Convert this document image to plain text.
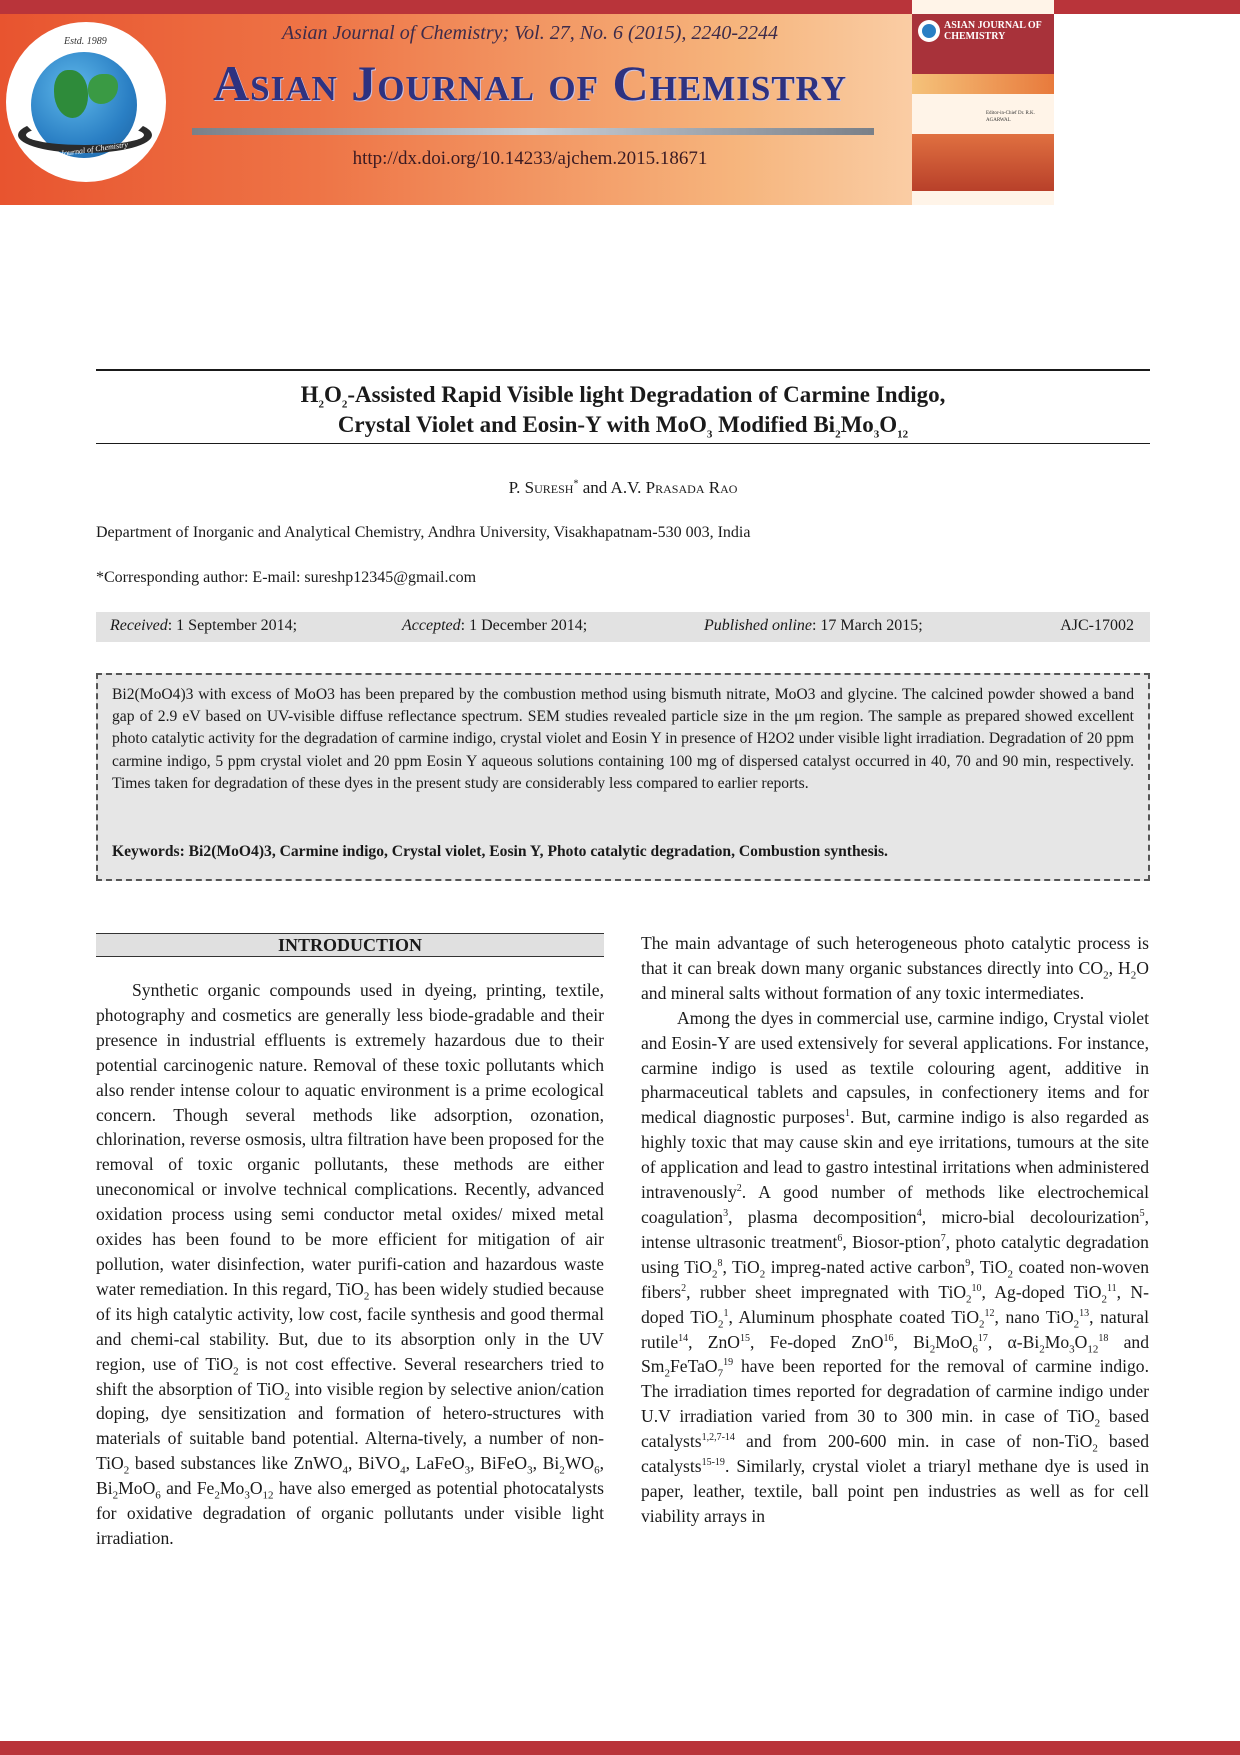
Estd. 1989
Asian Journal of Chemistry
Asian Journal of Chemistry; Vol. 27, No. 6 (2015), 2240-2244
Asian Journal of Chemistry
http://dx.doi.org/10.14233/ajchem.2015.18671
ASIAN JOURNAL OF CHEMISTRY
Editor-in-Chief Dr. R.K. AGARWAL
$H_2O_2$-Assisted Rapid Visible light Degradation of Carmine Indigo,
Crystal Violet and Eosin-Y with MoO$_3$ Modified $Bi_2Mo_3O_{12}$
P. Suresh* and A.V. Prasada Rao
Department of Inorganic and Analytical Chemistry, Andhra University, Visakhapatnam-530 003, India
*Corresponding author: E-mail: sureshp12345@gmail.com
Received: 1 September 2014;	Accepted: 1 December 2014;	Published online: 17 March 2015;	AJC-17002
Bi2(MoO4)3 with excess of MoO3 has been prepared by the combustion method using bismuth nitrate, MoO3 and glycine. The calcined powder showed a band gap of 2.9 eV based on UV-visible diffuse reflectance spectrum. SEM studies revealed particle size in the μm region. The sample as prepared showed excellent photo catalytic activity for the degradation of carmine indigo, crystal violet and Eosin Y in presence of H2O2 under visible light irradiation. Degradation of 20 ppm carmine indigo, 5 ppm crystal violet and 20 ppm Eosin Y aqueous solutions containing 100 mg of dispersed catalyst occurred in 40, 70 and 90 min, respectively. Times taken for degradation of these dyes in the present study are considerably less compared to earlier reports.
Keywords: Bi2(MoO4)3, Carmine indigo, Crystal violet, Eosin Y, Photo catalytic degradation, Combustion synthesis.
INTRODUCTION

Synthetic organic compounds used in dyeing, printing, textile, photography and cosmetics are generally less biode-gradable and their presence in industrial effluents is extremely hazardous due to their potential carcinogenic nature. Removal of these toxic pollutants which also render intense colour to aquatic environment is a prime ecological concern. Though several methods like adsorption, ozonation, chlorination, reverse osmosis, ultra filtration have been proposed for the removal of toxic organic pollutants, these methods are either uneconomical or involve technical complications. Recently, advanced oxidation process using semi conductor metal oxides/ mixed metal oxides has been found to be more efficient for mitigation of air pollution, water disinfection, water purifi-cation and hazardous waste water remediation. In this regard, TiO$_2$ has been widely studied because of its high catalytic activity, low cost, facile synthesis and good thermal and chemi-cal stability. But, due to its absorption only in the UV region, use of TiO$_2$ is not cost effective. Several researchers tried to shift the absorption of TiO$_2$ into visible region by selective anion/cation doping, dye sensitization and formation of hetero-structures with materials of suitable band potential. Alterna-tively, a number of non-TiO$_2$ based substances like ZnWO$_4$, BiVO$_4$, LaFeO$_3$, BiFeO$_3$, $Bi_2WO_6$, $Bi_2MoO_6$ and $Fe_2Mo_3O_{12}$ have also emerged as potential photocatalysts for oxidative degradation of organic pollutants under visible light irradiation.

The main advantage of such heterogeneous photo catalytic process is that it can break down many organic substances directly into $CO_2$, $H_2O$ and mineral salts without formation of any toxic intermediates.

Among the dyes in commercial use, carmine indigo, Crystal violet and Eosin-Y are used extensively for several applications. For instance, carmine indigo is used as textile colouring agent, additive in pharmaceutical tablets and capsules, in confectionery items and for medical diagnostic purposes$^1$. But, carmine indigo is also regarded as highly toxic that may cause skin and eye irritations, tumours at the site of application and lead to gastro intestinal irritations when administered intravenously$^2$. A good number of methods like electrochemical coagulation$^3$, plasma decomposition$^4$, micro-bial decolourization$^5$, intense ultrasonic treatment$^6$, Biosor-ption$^7$, photo catalytic degradation using TiO$_2^8$, TiO$_2$ impreg-nated active carbon$^9$, TiO$_2$ coated non-woven fibers$^2$, rubber sheet impregnated with TiO$_2^{10}$, Ag-doped TiO$_2^{11}$, N-doped TiO$_2^1$, Aluminum phosphate coated TiO$_2^{12}$, nano TiO$_2^{13}$, natural rutile$^{14}$, ZnO$^{15}$, Fe-doped ZnO$^{16}$, $Bi_2MoO_6^{17}$, $\alpha-Bi_2Mo_3O_{12}^{18}$ and $Sm_2FeTaO_7^{19}$ have been reported for the removal of carmine indigo. The irradiation times reported for degradation of carmine indigo under U.V irradiation varied from 30 to 300 min. in case of TiO$_2$ based catalysts$^{1,2,7-14}$ and from 200-600 min. in case of non-TiO$_2$ based catalysts$^{15-19}$. Similarly, crystal violet a triaryl methane dye is used in paper, leather, textile, ball point pen industries as well as for cell viability arrays in
